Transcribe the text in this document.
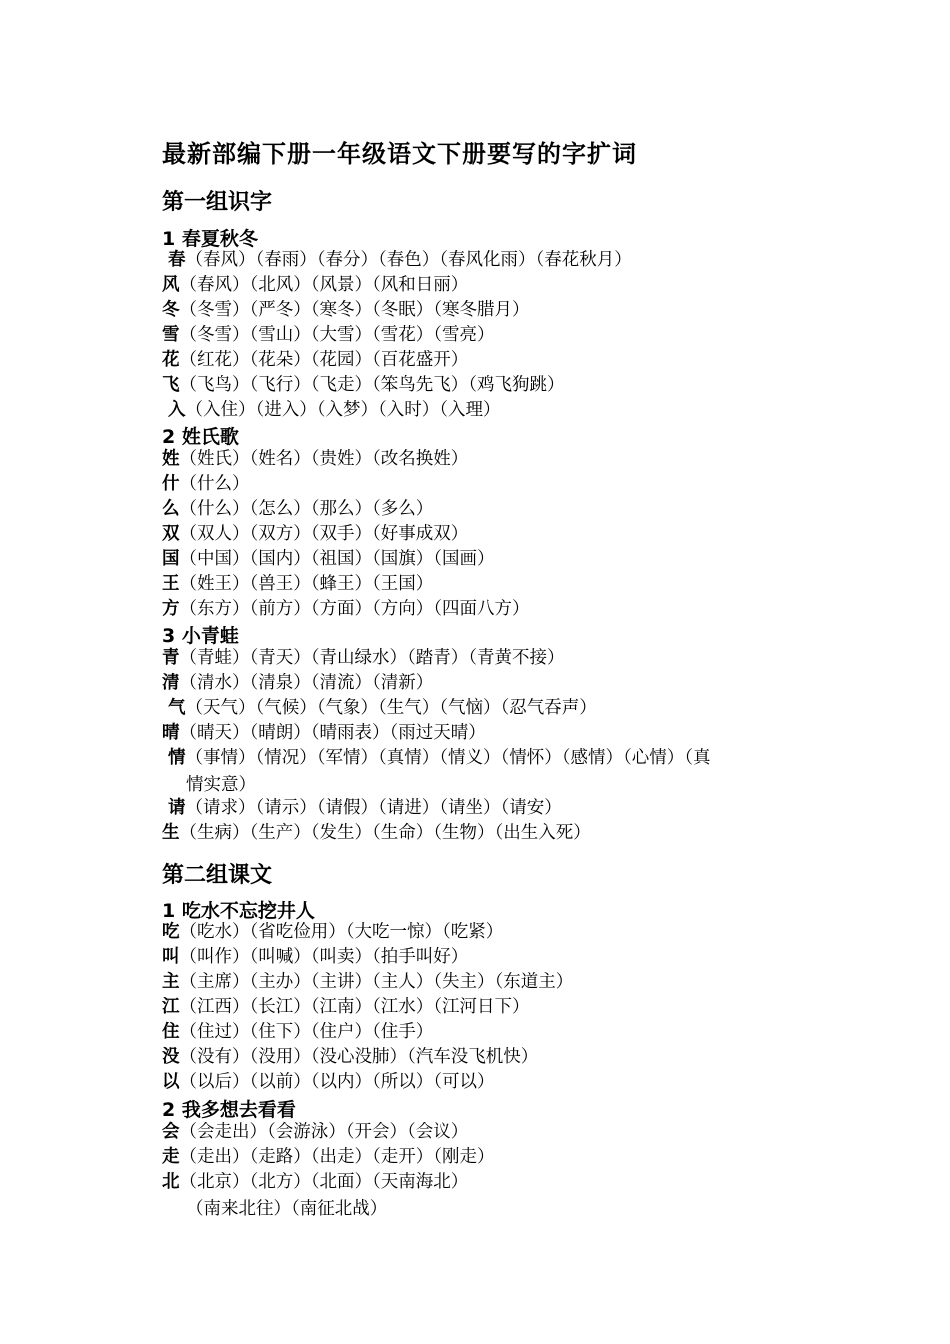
最新部编下册一年级语文下册要写的字扩词
第一组识字
1 春夏秋冬
春（春风）（春雨）（春分）（春色）（春风化雨）（春花秋月）
风（春风）（北风）（风景）（风和日丽）
冬（冬雪）（严冬）（寒冬）（冬眠）（寒冬腊月）
雪（冬雪）（雪山）（大雪）（雪花）（雪亮）
花（红花）（花朵）（花园）（百花盛开）
飞（飞鸟）（飞行）（飞走）（笨鸟先飞）（鸡飞狗跳）
入（入住）（进入）（入梦）（入时）（入理）
2 姓氏歌
姓（姓氏）（姓名）（贵姓）（改名换姓）
什（什么）
么（什么）（怎么）（那么）（多么）
双（双人）（双方）（双手）（好事成双）
国（中国）（国内）（祖国）（国旗）（国画）
王（姓王）（兽王）（蜂王）（王国）
方（东方）（前方）（方面）（方向）（四面八方）
3 小青蛙
青（青蛙）（青天）（青山绿水）（踏青）（青黄不接）
清（清水）（清泉）（清流）（清新）
气（天气）（气候）（气象）（生气）（气恼）（忍气吞声）
晴（晴天）（晴朗）（晴雨表）（雨过天晴）
情（事情）（情况）（军情）（真情）（情义）（情怀）（感情）（心情）（真
情实意）
请（请求）（请示）（请假）（请进）（请坐）（请安）
生（生病）（生产）（发生）（生命）（生物）（出生入死）
第二组课文
1 吃水不忘挖井人
吃（吃水）（省吃俭用）（大吃一惊）（吃紧）
叫（叫作）（叫喊）（叫卖）（拍手叫好）
主（主席）（主办）（主讲）（主人）（失主）（东道主）
江（江西）（长江）（江南）（江水）（江河日下）
住（住过）（住下）（住户）（住手）
没（没有）（没用）（没心没肺）（汽车没飞机快）
以（以后）（以前）（以内）（所以）（可以）
2 我多想去看看
会（会走出）（会游泳）（开会）（会议）
走（走出）（走路）（出走）（走开）（刚走）
北（北京）（北方）（北面）（天南海北）
（南来北往）（南征北战）
